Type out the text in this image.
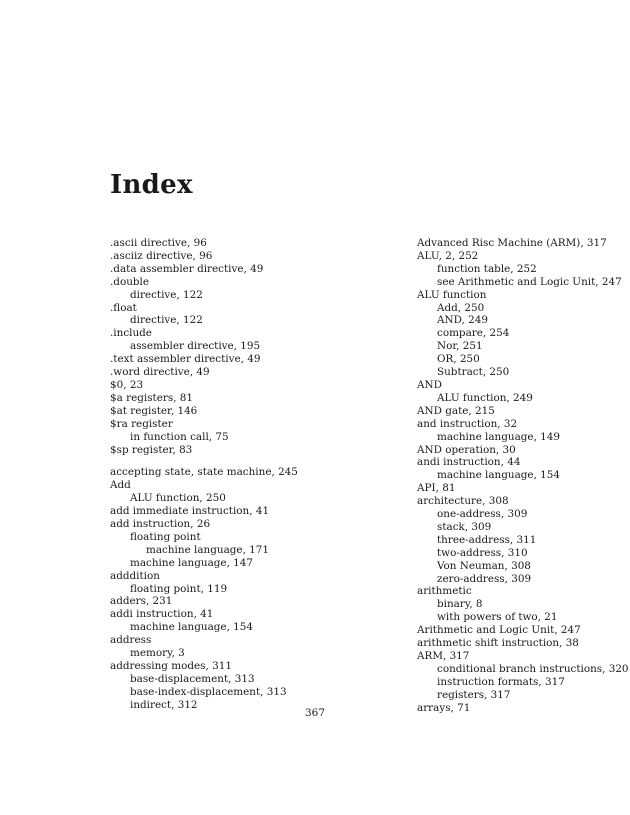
Index
.ascii directive, 96
.asciiz directive, 96
.data assembler directive, 49
.double
directive, 122
.float
directive, 122
.include
assembler directive, 195
.text assembler directive, 49
.word directive, 49
$0, 23
$a registers, 81
$at register, 146
$ra register
in function call, 75
$sp register, 83
accepting state, state machine, 245
Add
ALU function, 250
add immediate instruction, 41
add instruction, 26
floating point
machine language, 171
machine language, 147
adddition
floating point, 119
adders, 231
addi instruction, 41
machine language, 154
address
memory, 3
addressing modes, 311
base-displacement, 313
base-index-displacement, 313
indirect, 312
Advanced Risc Machine (ARM), 317
ALU, 2, 252
function table, 252
see Arithmetic and Logic Unit, 247
ALU function
Add, 250
AND, 249
compare, 254
Nor, 251
OR, 250
Subtract, 250
AND
ALU function, 249
AND gate, 215
and instruction, 32
machine language, 149
AND operation, 30
andi instruction, 44
machine language, 154
API, 81
architecture, 308
one-address, 309
stack, 309
three-address, 311
two-address, 310
Von Neuman, 308
zero-address, 309
arithmetic
binary, 8
with powers of two, 21
Arithmetic and Logic Unit, 247
arithmetic shift instruction, 38
ARM, 317
conditional branch instructions, 320
instruction formats, 317
registers, 317
arrays, 71
367
